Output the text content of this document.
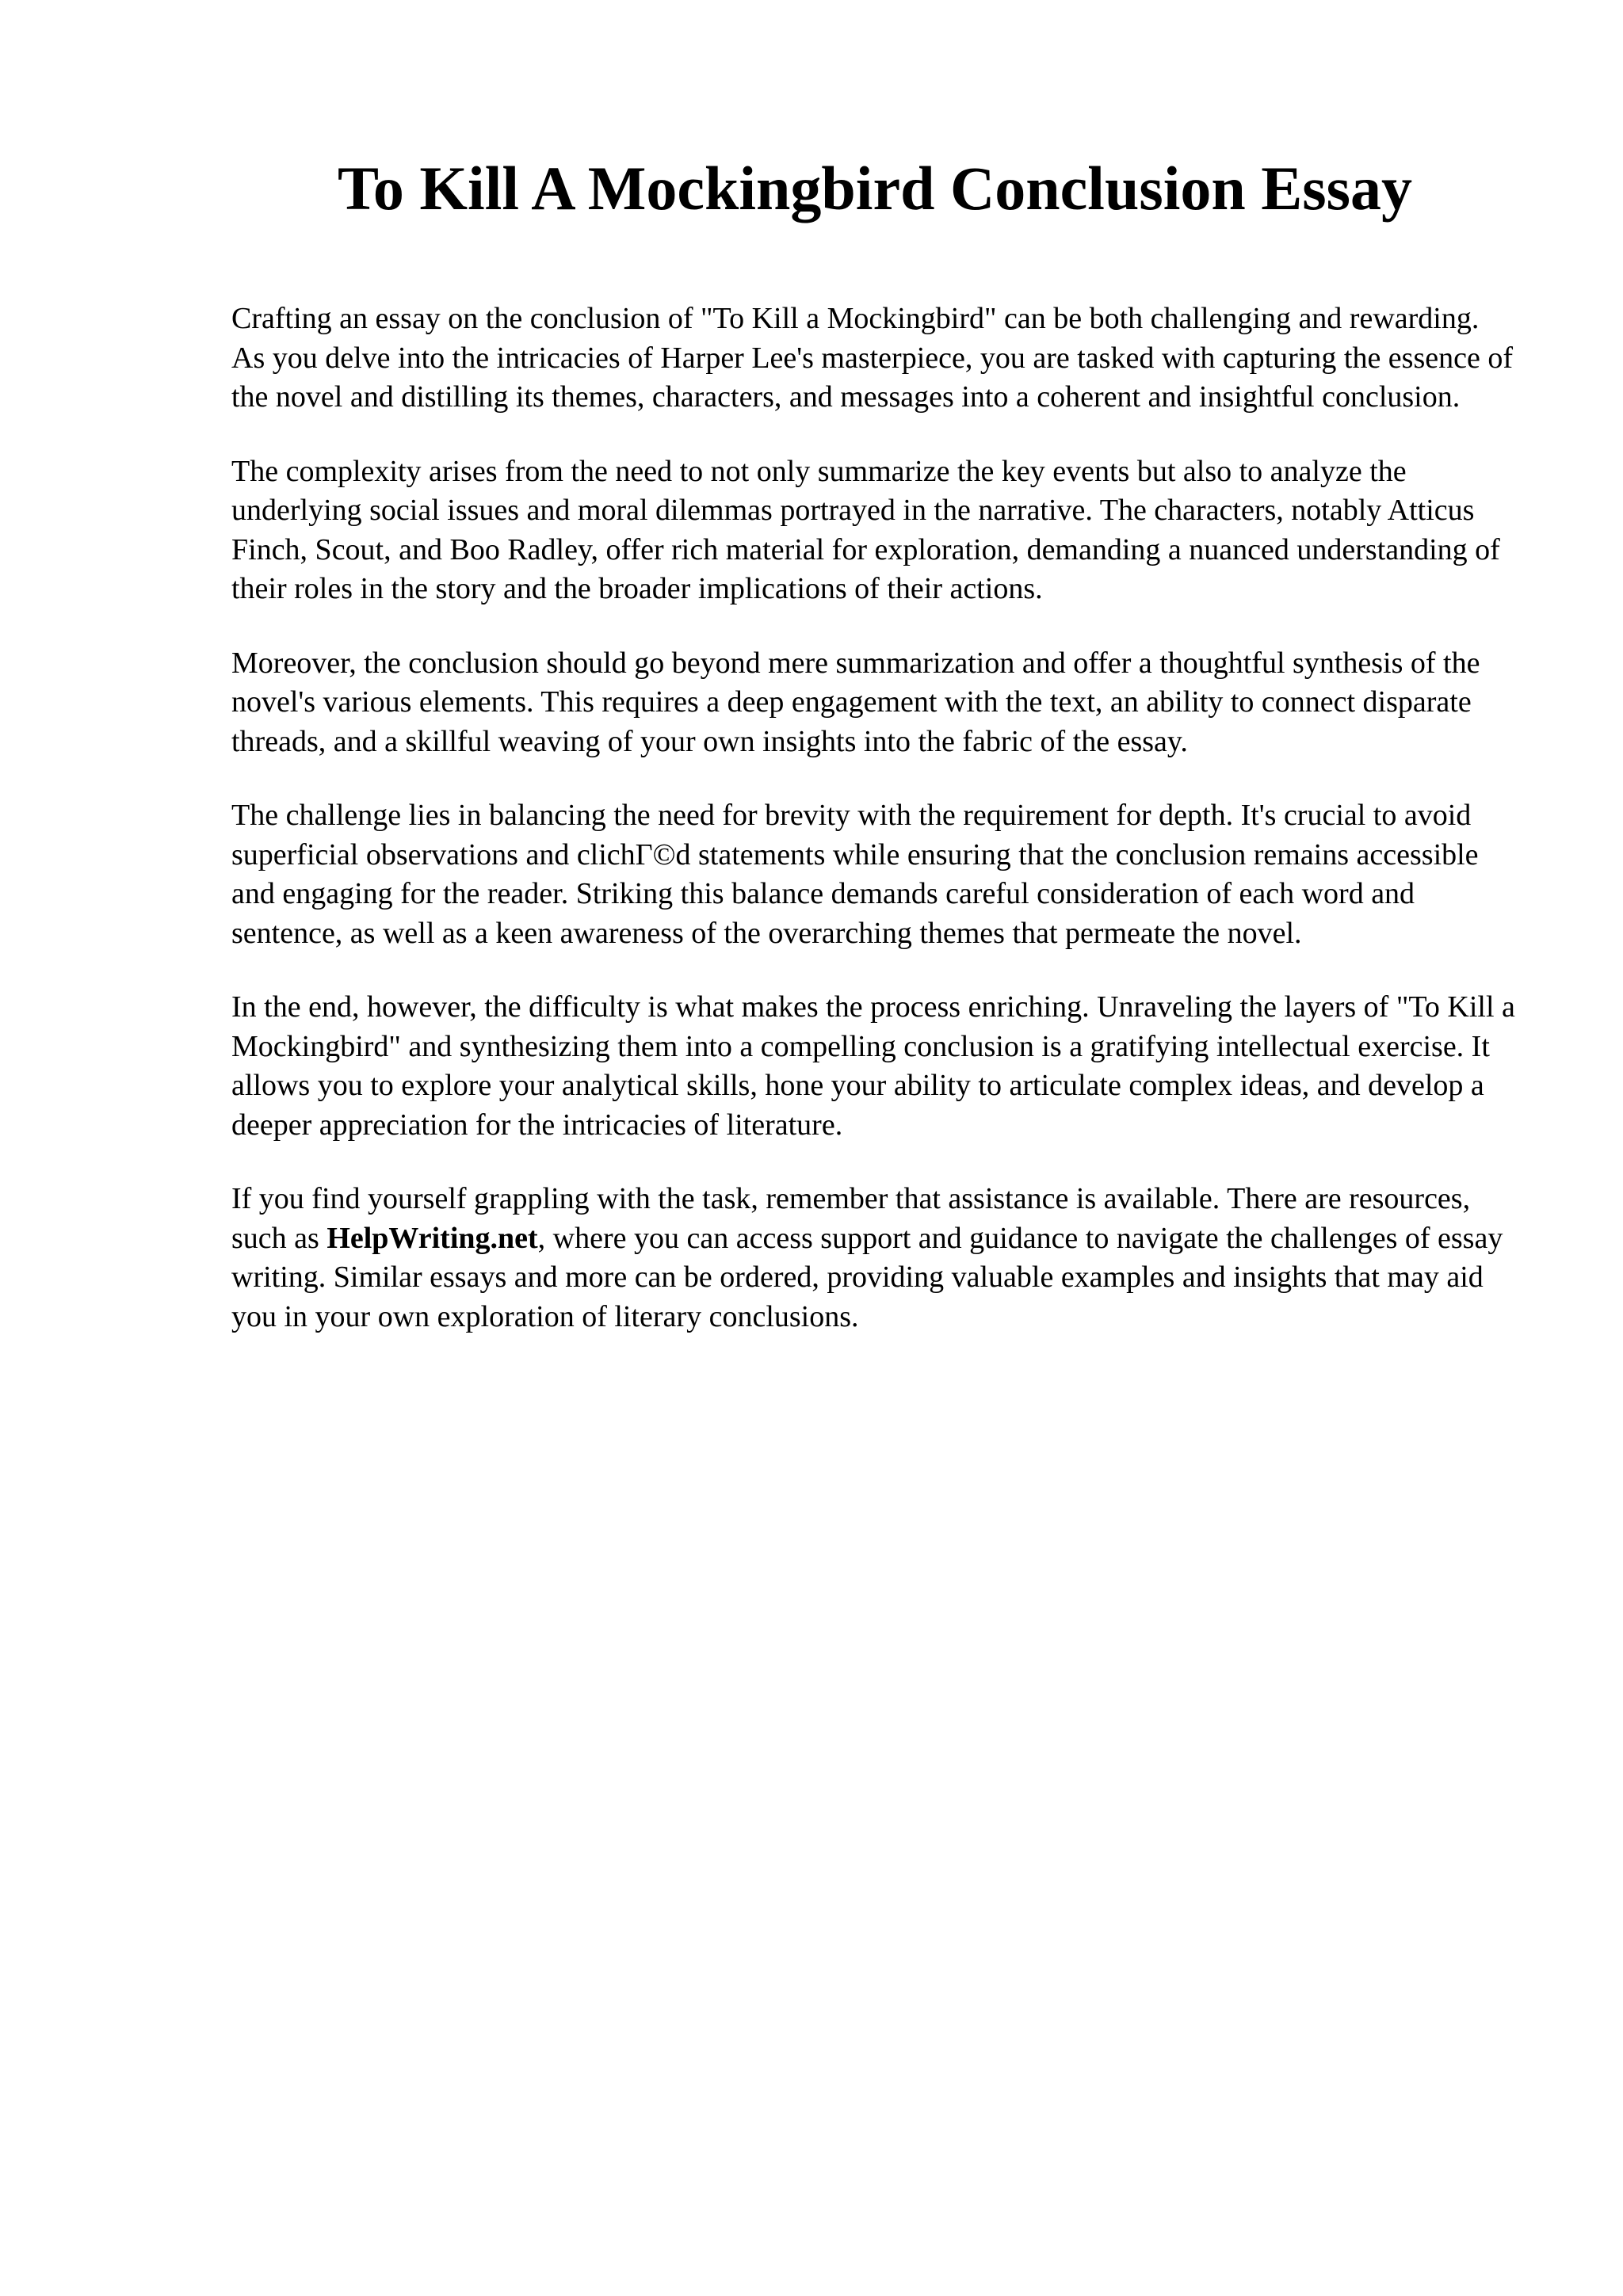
To Kill A Mockingbird Conclusion Essay

Crafting an essay on the conclusion of "To Kill a Mockingbird" can be both challenging and rewarding. As you delve into the intricacies of Harper Lee's masterpiece, you are tasked with capturing the essence of the novel and distilling its themes, characters, and messages into a coherent and insightful conclusion.

The complexity arises from the need to not only summarize the key events but also to analyze the underlying social issues and moral dilemmas portrayed in the narrative. The characters, notably Atticus Finch, Scout, and Boo Radley, offer rich material for exploration, demanding a nuanced understanding of their roles in the story and the broader implications of their actions.

Moreover, the conclusion should go beyond mere summarization and offer a thoughtful synthesis of the novel's various elements. This requires a deep engagement with the text, an ability to connect disparate threads, and a skillful weaving of your own insights into the fabric of the essay.

The challenge lies in balancing the need for brevity with the requirement for depth. It's crucial to avoid superficial observations and clichΓ©d statements while ensuring that the conclusion remains accessible and engaging for the reader. Striking this balance demands careful consideration of each word and sentence, as well as a keen awareness of the overarching themes that permeate the novel.

In the end, however, the difficulty is what makes the process enriching. Unraveling the layers of "To Kill a Mockingbird" and synthesizing them into a compelling conclusion is a gratifying intellectual exercise. It allows you to explore your analytical skills, hone your ability to articulate complex ideas, and develop a deeper appreciation for the intricacies of literature.

If you find yourself grappling with the task, remember that assistance is available. There are resources, such as HelpWriting.net, where you can access support and guidance to navigate the challenges of essay writing. Similar essays and more can be ordered, providing valuable examples and insights that may aid you in your own exploration of literary conclusions.
